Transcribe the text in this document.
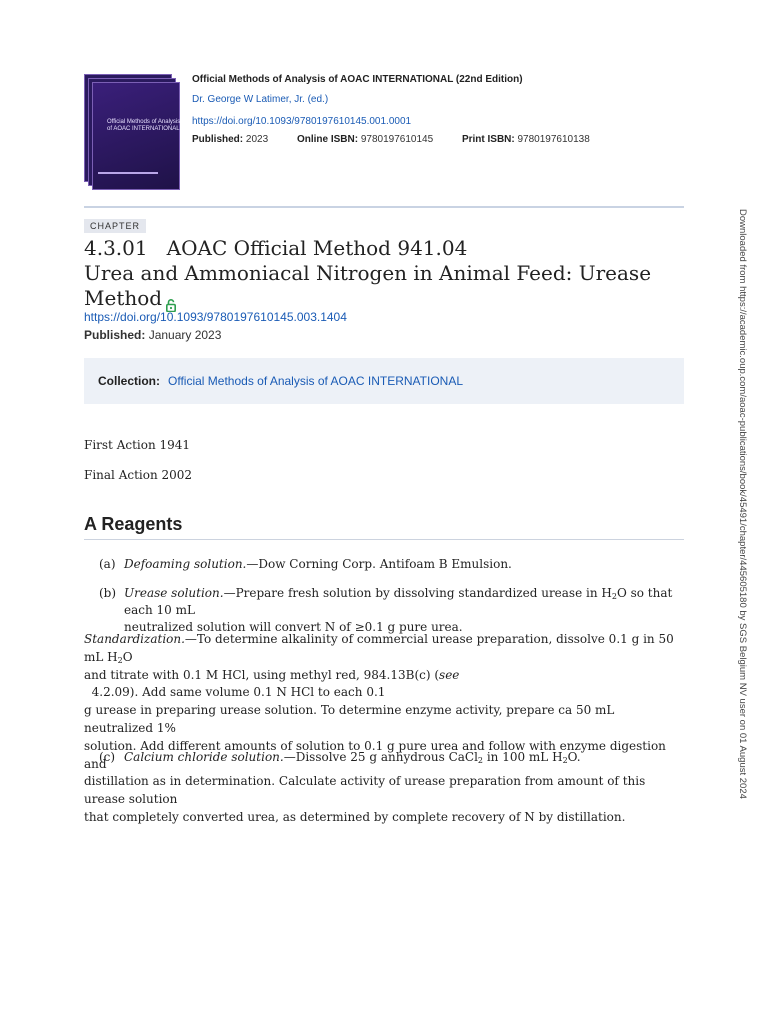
Official Methods of Analysis of AOAC INTERNATIONAL
Official Methods of Analysis of AOAC INTERNATIONAL (22nd Edition)
Dr. George W Latimer, Jr. (ed.)
https://doi.org/10.1093/9780197610145.001.0001
Published: 2023	Online ISBN: 9780197610145	Print ISBN: 9780197610138
CHAPTER
4.3.01   AOAC Official Method 941.04
Urea and Ammoniacal Nitrogen in Animal Feed: Urease
Method
https://doi.org/10.1093/9780197610145.003.1404
Published: January 2023
Collection: Official Methods of Analysis of AOAC INTERNATIONAL
First Action 1941
Final Action 2002
A Reagents
(a) Defoaming solution.—Dow Corning Corp. Antifoam B Emulsion.
(b) Urease solution.—Prepare fresh solution by dissolving standardized urease in $H_2O$ so that each 10 mL
neutralized solution will convert N of ≥0.1 g pure urea.
Standardization.—To determine alkalinity of commercial urease preparation, dissolve 0.1 g in 50 mL $H_2O$
and titrate with 0.1 M HCl, using methyl red, 984.13B(c) (see  4.2.09). Add same volume 0.1 N HCl to each 0.1
g urease in preparing urease solution. To determine enzyme activity, prepare ca 50 mL neutralized 1%
solution. Add different amounts of solution to 0.1 g pure urea and follow with enzyme digestion and
distillation as in determination. Calculate activity of urease preparation from amount of this urease solution
that completely converted urea, as determined by complete recovery of N by distillation.
(c) Calcium chloride solution.—Dissolve 25 g anhydrous CaCl$_2$ in 100 mL $H_2O$.	Downloaded from https://academic.oup.com/aoac-publications/book/45491/chapter/445605180 by SGS Belgium NV user on 01 August 2024
